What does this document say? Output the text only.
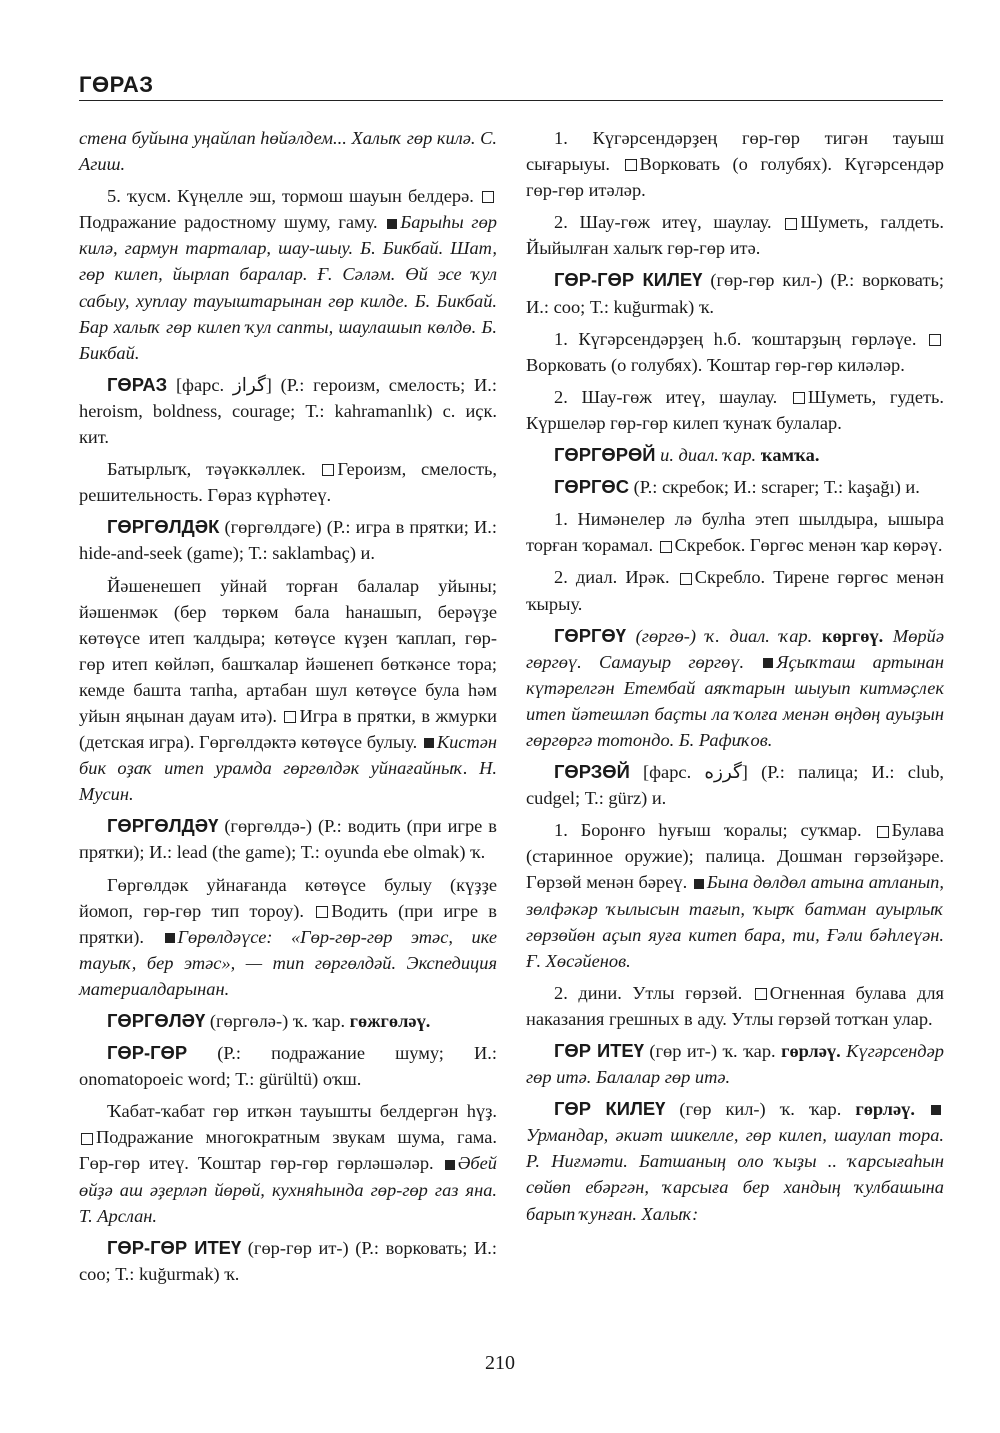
ГӨРАЗ

стена буйына уңайлап һөйәлдем... Халыҡ гөр килә. С. Агиш.

5. ҡусм. Күңелле эш, тормош шауын белдерә. Подражание радостному шуму, гаму. Барыһы гөр килә, гармун тарталар, шау-шыу. Б. Бикбай. Шат, гөр килеп, йырлап баралар. Ғ. Сәләм. Өй эсе ҡул сабыу, хуплау тауыштарынан гөр килде. Б. Бикбай. Бар халыҡ гөр килеп ҡул сапты, шаулашып көлдө. Б. Бикбай.

ГӨРАЗ [фарс. گراز] (Р.: героизм, смелость; И.: heroism, boldness, courage; Т.: kahramanlık) с. иҫк. кит.

Батырлыҡ, тәүәккәллек. Героизм, смелость, решительность. Гөраз күрһәтеү.

ГӨРГӨЛДӘК (гөргөлдәге) (Р.: игра в прятки; И.: hide-and-seek (game); Т.: saklambaç) и.

Йәшенешеп уйнай торған балалар уйыны; йәшенмәк (бер төркөм бала һанашып, берәүҙе көтөүсе итеп ҡалдыра; көтөүсе күҙен ҡаплап, гөр-гөр итеп көйләп, башҡалар йәшенеп бөткәнсе тора; кемде башта тапһа, артабан шул көтөүсе була һәм уйын яңынан дауам итә). Игра в прятки, в жмурки (детская игра). Гөргөлдәктә көтөүсе булыу. Кистән бик оҙаҡ итеп урамда гөргөлдәк уйнағайныҡ. Н. Мусин.

ГӨРГӨЛДӘҮ (гөргөлдә-) (Р.: водить (при игре в прятки); И.: lead (the game); Т.: oyunda ebe olmak) ҡ.

Гөргөлдәк уйнағанда көтөүсе булыу (күҙҙе йомоп, гөр-гөр тип тороу). Водить (при игре в прятки). Гөрөлдәүсе: «Гөр-гөр-гөр этәс, ике тауыҡ, бер этәс», — тип гөргөлдәй. Экспедиция материалдарынан.

ГӨРГӨЛӘҮ (гөргөлә-) ҡ. ҡар. гөжгөләү.

ГӨР-ГӨР (Р.: подражание шуму; И.: onomatopoeic word; Т.: gürültü) оҡш.

Ҡабат-ҡабат гөр иткән тауышты белдергән һүҙ. Подражание многократным звукам шума, гама. Гөр-гөр итеү. Ҡоштар гөр-гөр гөрләшәләр. Әбей өйҙә аш әҙерләп йөрөй, кухняһында гөр-гөр газ яна. Т. Арслан.

ГӨР-ГӨР ИТЕҮ (гөр-гөр ит-) (Р.: ворковать; И.: coo; Т.: kuğurmak) ҡ.

1. Күгәрсендәрҙең гөр-гөр тигән тауыш сығарыуы. Ворковать (о голубях). Күгәрсендәр гөр-гөр итәләр.

2. Шау-гөж итеү, шаулау. Шуметь, галдеть. Йыйылған халыҡ гөр-гөр итә.

ГӨР-ГӨР КИЛЕҮ (гөр-гөр кил-) (Р.: ворковать; И.: coo; Т.: kuğurmak) ҡ.

1. Күгәрсендәрҙең һ.б. ҡоштарҙың гөрләүе. Ворковать (о голубях). Ҡоштар гөр-гөр киләләр.

2. Шау-гөж итеү, шаулау. Шуметь, гудеть. Күршеләр гөр-гөр килеп ҡунаҡ булалар.

ГӨРГӨРӨЙ и. диал. ҡар. ҡамҡа.

ГӨРГӨС (Р.: скребок; И.: scraper; Т.: kaşağı) и.

1. Нимәнелер лә булһа этеп шылдыра, ышыра торған ҡорамал. Скребок. Гөргөс менән ҡар көрәү.

2. диал. Ирәк. Скребло. Тирене гөргөс менән ҡырыу.

ГӨРГӨҮ (гөргө-) ҡ. диал. ҡар. көргөү. Мөрйә гөргөү. Самауыр гөргөү. Яҫыҡташ артынан күтәрелгән Етембай аяҡтарын шыуып китмәҫлек итеп йәтешләп баҫты ла ҡолға менән өңдөң ауыҙын гөргөргә тотондо. Б. Рафиҡов.

ГӨРЗӨЙ [фарс. گرزه] (Р.: палица; И.: club, cudgel; Т.: gürz) и.

1. Боронғо һуғыш ҡоралы; суҡмар. Булава (старинное оружие); палица. Дошман гөрзөйҙәре. Гөрзөй менән бәреү. Бына дөлдөл атына атланып, зөлфәкәр ҡылысын тағып, ҡырҡ батман ауырлыҡ гөрзөйөн аҫып яуға китеп бара, ти, Ғәли бәһлеүән. Ғ. Хөсәйенов.

2. дини. Утлы гөрзөй. Огненная булава для наказания грешных в аду. Утлы гөрзөй тотҡан улар.

ГӨР ИТЕҮ (гөр ит-) ҡ. ҡар. гөрләү. Күгәрсендәр гөр итә. Балалар гөр итә.

ГӨР КИЛЕҮ (гөр кил-) ҡ. ҡар. гөрләү. Урмандар, әкиәт шикелле, гөр килеп, шаулап тора. Р. Ниғмәти. Батшаның оло ҡыҙы .. ҡарсығаһын сөйөп ебәргән, ҡарсыға бер хандың ҡулбашына барып ҡунған. Халыҡ:

210
